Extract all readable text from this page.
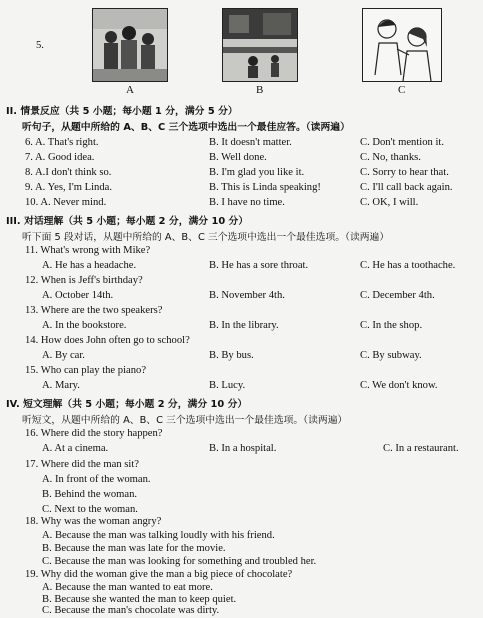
5.
A	B	C
II. 情景反应（共 5 小题；每小题 1 分，满分 5 分）
听句子，从题中所给的 A、B、C 三个选项中选出一个最佳应答。（读两遍）
6. A. That's right.	B. It doesn't matter.	C. Don't mention it.
7. A. Good idea.	B. Well done.	C. No, thanks.
8. A.I don't think so.	B. I'm glad you like it.	C. Sorry to hear that.
9. A. Yes, I'm Linda.	B. This is Linda speaking!	C. I'll call back again.
10. A. Never mind.	B. I have no time.	C. OK, I will.
III. 对话理解（共 5 小题；每小题 2 分，满分 10 分）
听下面 5 段对话，从题中所给的 A、B、C 三个选项中选出一个最佳选项。（读两遍）
11. What's wrong with Mike?
A. He has a headache.	B. He has a sore throat.	C. He has a toothache.
12. When is Jeff's birthday?
A. October 14th.	B. November 4th.	C. December 4th.
13. Where are the two speakers?
A. In the bookstore.	B. In the library.	C. In the shop.
14. How does John often go to school?
A. By car.	B. By bus.	C. By subway.
15. Who can play the piano?
A. Mary.	B. Lucy.	C. We don't know.
IV. 短文理解（共 5 小题；每小题 2 分，满分 10 分）
听短文，从题中所给的 A、B、C 三个选项中选出一个最佳选项。（读两遍）
16. Where did the story happen?
A. At a cinema.	B. In a hospital.	C. In a restaurant.
17. Where did the man sit?
A. In front of the woman.
B. Behind the woman.
C. Next to the woman.
18. Why was the woman angry?
A. Because the man was talking loudly with his friend.
B. Because the man was late for the movie.
C. Because the man was looking for something and troubled her.
19. Why did the woman give the man a big piece of chocolate?
A. Because the man wanted to eat more.
B. Because she wanted the man to keep quiet.
C. Because the man's chocolate was dirty.
